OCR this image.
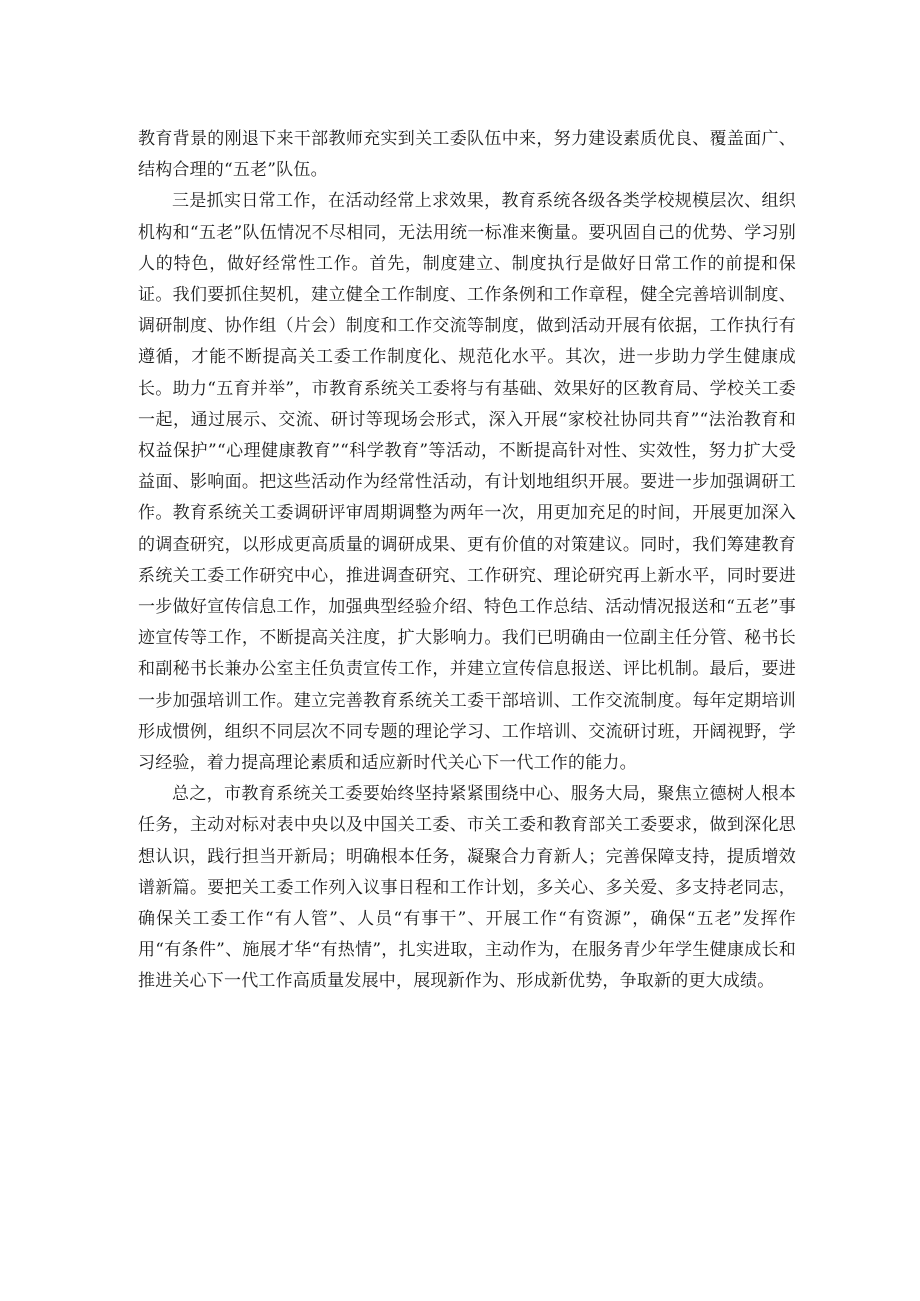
教育背景的刚退下来干部教师充实到关工委队伍中来，努力建设素质优良、覆盖面广、结构合理的“五老”队伍。

三是抓实日常工作，在活动经常上求效果，教育系统各级各类学校规模层次、组织机构和“五老”队伍情况不尽相同，无法用统一标准来衡量。要巩固自己的优势、学习别人的特色，做好经常性工作。首先，制度建立、制度执行是做好日常工作的前提和保证。我们要抓住契机，建立健全工作制度、工作条例和工作章程，健全完善培训制度、调研制度、协作组（片会）制度和工作交流等制度，做到活动开展有依据，工作执行有遵循，才能不断提高关工委工作制度化、规范化水平。其次，进一步助力学生健康成长。助力“五育并举”，市教育系统关工委将与有基础、效果好的区教育局、学校关工委一起，通过展示、交流、研讨等现场会形式，深入开展“家校社协同共育”“法治教育和权益保护”“心理健康教育”“科学教育”等活动，不断提高针对性、实效性，努力扩大受益面、影响面。把这些活动作为经常性活动，有计划地组织开展。要进一步加强调研工作。教育系统关工委调研评审周期调整为两年一次，用更加充足的时间，开展更加深入的调查研究，以形成更高质量的调研成果、更有价值的对策建议。同时，我们筹建教育系统关工委工作研究中心，推进调查研究、工作研究、理论研究再上新水平，同时要进一步做好宣传信息工作，加强典型经验介绍、特色工作总结、活动情况报送和“五老”事迹宣传等工作，不断提高关注度，扩大影响力。我们已明确由一位副主任分管、秘书长和副秘书长兼办公室主任负责宣传工作，并建立宣传信息报送、评比机制。最后，要进一步加强培训工作。建立完善教育系统关工委干部培训、工作交流制度。每年定期培训形成惯例，组织不同层次不同专题的理论学习、工作培训、交流研讨班，开阔视野，学习经验，着力提高理论素质和适应新时代关心下一代工作的能力。

总之，市教育系统关工委要始终坚持紧紧围绕中心、服务大局，聚焦立德树人根本任务，主动对标对表中央以及中国关工委、市关工委和教育部关工委要求，做到深化思想认识，践行担当开新局；明确根本任务，凝聚合力育新人；完善保障支持，提质增效谱新篇。要把关工委工作列入议事日程和工作计划，多关心、多关爱、多支持老同志，确保关工委工作“有人管”、人员“有事干”、开展工作“有资源”，确保“五老”发挥作用“有条件”、施展才华“有热情”，扎实进取，主动作为，在服务青少年学生健康成长和推进关心下一代工作高质量发展中，展现新作为、形成新优势，争取新的更大成绩。
